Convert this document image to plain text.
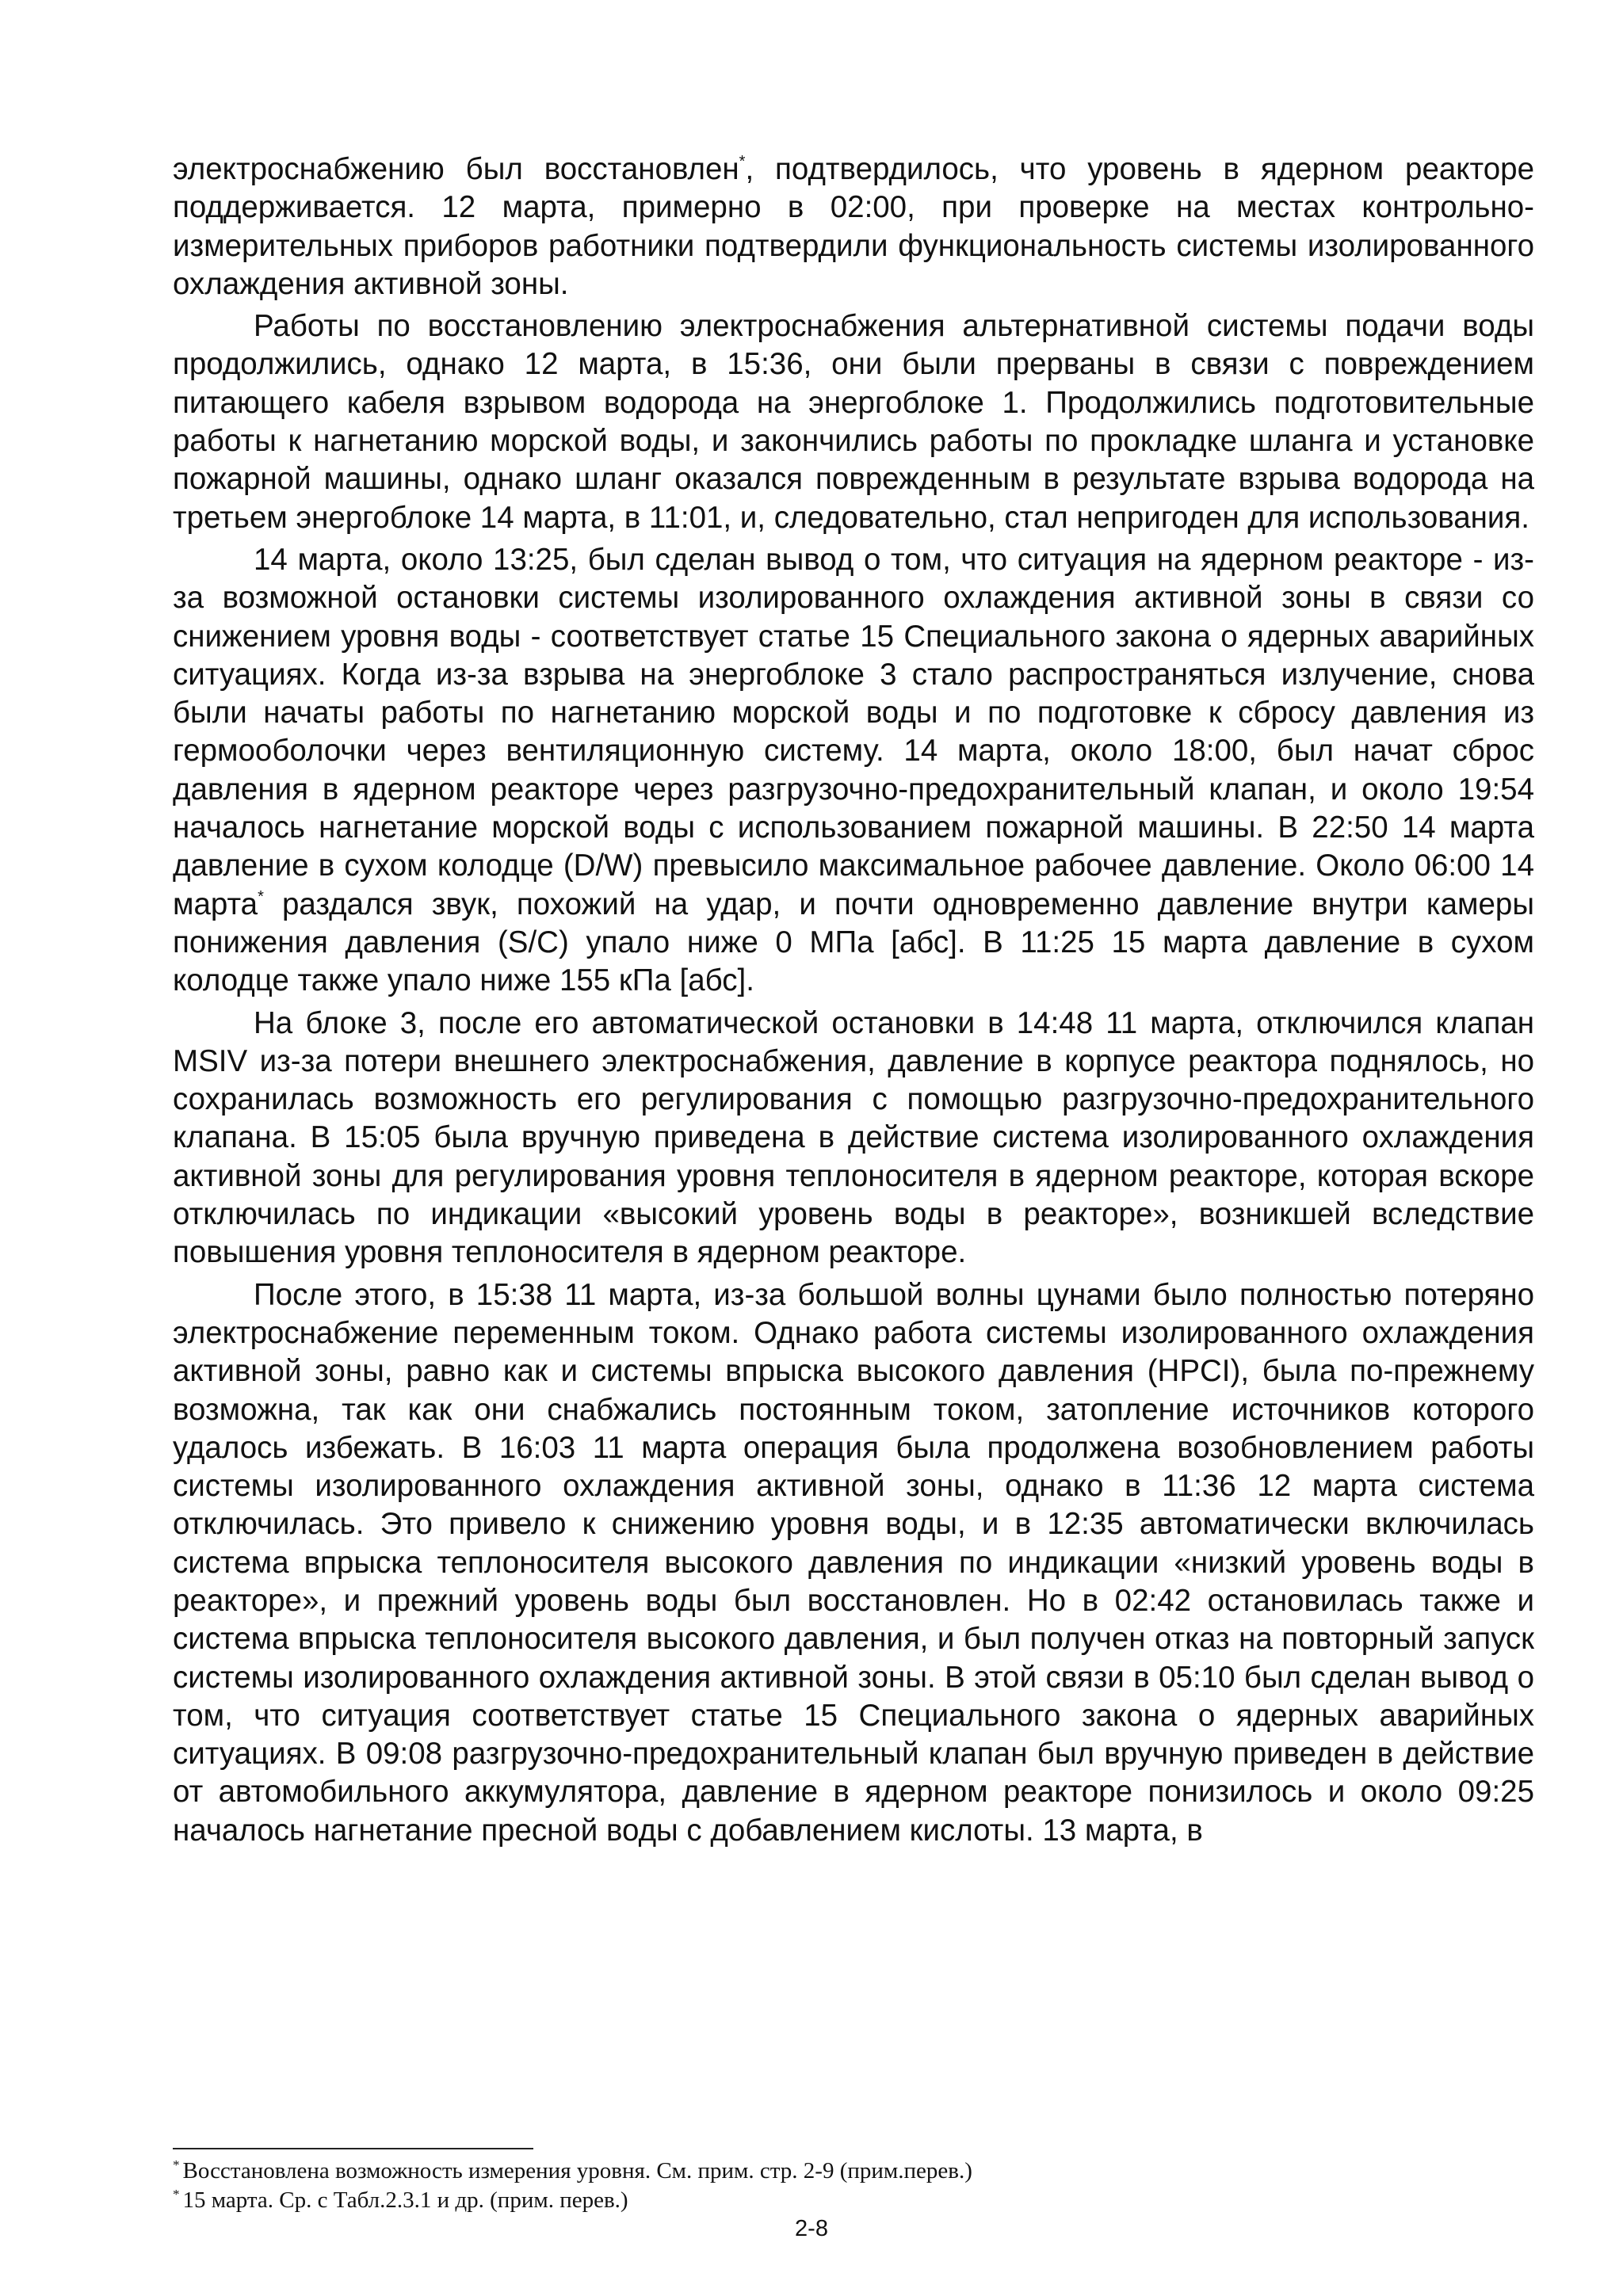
электроснабжению был восстановлен*, подтвердилось, что уровень в ядерном реакторе поддерживается. 12 марта, примерно в 02:00, при проверке на местах контрольно-измерительных приборов работники подтвердили функциональность системы изолированного охлаждения активной зоны.

Работы по восстановлению электроснабжения альтернативной системы подачи воды продолжились, однако 12 марта, в 15:36, они были прерваны в связи с повреждением питающего кабеля взрывом водорода на энергоблоке 1. Продолжились подготовительные работы к нагнетанию морской воды, и закончились работы по прокладке шланга и установке пожарной машины, однако шланг оказался поврежденным в результате взрыва водорода на третьем энергоблоке 14 марта, в 11:01, и, следовательно, стал непригоден для использования.

14 марта, около 13:25, был сделан вывод о том, что ситуация на ядерном реакторе - из-за возможной остановки системы изолированного охлаждения активной зоны в связи со снижением уровня воды - соответствует статье 15 Специального закона о ядерных аварийных ситуациях. Когда из-за взрыва на энергоблоке 3 стало распространяться излучение, снова были начаты работы по нагнетанию морской воды и по подготовке к сбросу давления из гермооболочки через вентиляционную систему. 14 марта, около 18:00, был начат сброс давления в ядерном реакторе через разгрузочно-предохранительный клапан, и около 19:54 началось нагнетание морской воды с использованием пожарной машины. В 22:50 14 марта давление в сухом колодце (D/W) превысило максимальное рабочее давление. Около 06:00 14 марта* раздался звук, похожий на удар, и почти одновременно давление внутри камеры понижения давления (S/C) упало ниже 0 МПа [абс]. В 11:25 15 марта давление в сухом колодце также упало ниже 155 кПа [абс].

На блоке 3, после его автоматической остановки в 14:48 11 марта, отключился клапан MSIV из-за потери внешнего электроснабжения, давление в корпусе реактора поднялось, но сохранилась возможность его регулирования с помощью разгрузочно-предохранительного клапана. В 15:05 была вручную приведена в действие система изолированного охлаждения активной зоны для регулирования уровня теплоносителя в ядерном реакторе, которая вскоре отключилась по индикации «высокий уровень воды в реакторе», возникшей вследствие повышения уровня теплоносителя в ядерном реакторе.

После этого, в 15:38 11 марта, из-за большой волны цунами было полностью потеряно электроснабжение переменным током. Однако работа системы изолированного охлаждения активной зоны, равно как и системы впрыска высокого давления (HPCI), была по-прежнему возможна, так как они снабжались постоянным током, затопление источников которого удалось избежать. В 16:03 11 марта операция была продолжена возобновлением работы системы изолированного охлаждения активной зоны, однако в 11:36 12 марта система отключилась. Это привело к снижению уровня воды, и в 12:35 автоматически включилась система впрыска теплоносителя высокого давления по индикации «низкий уровень воды в реакторе», и прежний уровень воды был восстановлен. Но в 02:42 остановилась также и система впрыска теплоносителя высокого давления, и был получен отказ на повторный запуск системы изолированного охлаждения активной зоны. В этой связи в 05:10 был сделан вывод о том, что ситуация соответствует статье 15 Специального закона о ядерных аварийных ситуациях. В 09:08 разгрузочно-предохранительный клапан был вручную приведен в действие от автомобильного аккумулятора, давление в ядерном реакторе понизилось и около 09:25 началось нагнетание пресной воды с добавлением кислоты. 13 марта, в

* Восстановлена возможность измерения уровня. См. прим. стр. 2-9 (прим.перев.)

* 15 марта. Ср. с Табл.2.3.1 и др. (прим. перев.)

2-8
